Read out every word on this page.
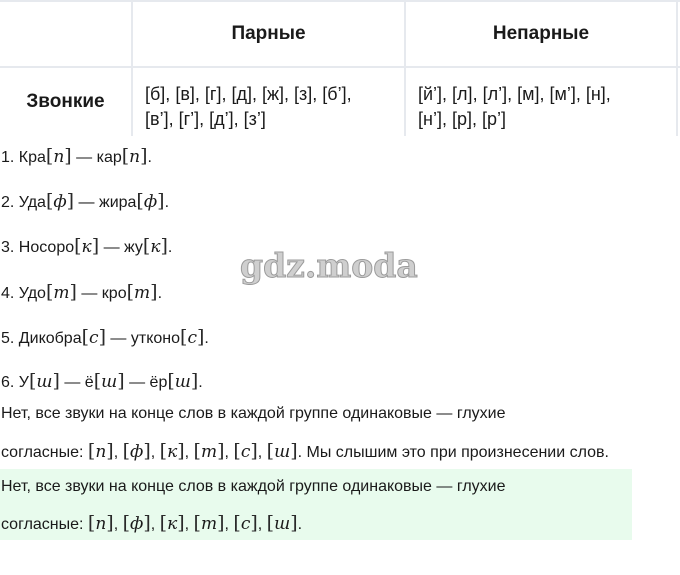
Парные	Непарные
Звонкие	[б], [в], [г], [д], [ж], [з], [б’],
[в’], [г’], [д’], [з’]
[й’], [л], [л’], [м], [м’], [н],
[н’], [р], [р’]
1. Кра[п] — кар[п].
2. Уда[ф] — жира[ф].
3. Носоро[к] — жу[к].
4. Удо[т] — кро[т].
5. Дикобра[с] — утконо[с].
6. У[ш] — ё[ш] — ёр[ш].
gdz.moda
Нет, все звуки на конце слов в каждой группе одинаковые — глухие
согласные: [п], [ф], [к], [т], [с], [ш]. Мы слышим это при произнесении слов.
Нет, все звуки на конце слов в каждой группе одинаковые — глухие
согласные: [п], [ф], [к], [т], [с], [ш].
